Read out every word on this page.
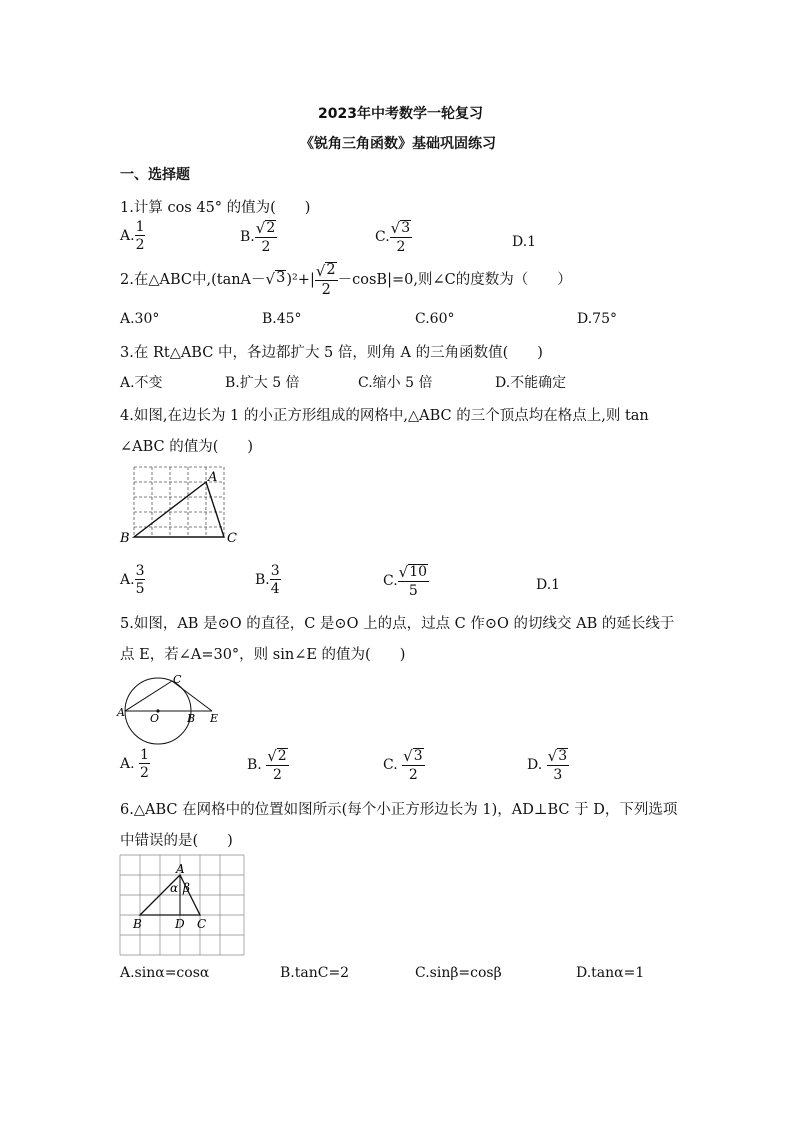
2023年中考数学一轮复习
《锐角三角函数》基础巩固练习
一、选择题
1.计算 cos 45° 的值为(　　)
A. $\frac{1}{2}$	B. $\frac{√ 2}{2}$	C. $\frac{√ 3}{2}$	D.1
2.在△ABC中,(tanA－ √ 3 )$^2+| \frac{√ 2}{2} -\cos B|=0$,则∠C的度数为（　　）
A.30°	B.45°	C.60°	D.75°
3.在 Rt△ABC 中，各边都扩大 5 倍，则角 A 的三角函数值(　　)
A.不变	B.扩大 5 倍	C.缩小 5 倍	D.不能确定
4.如图,在边长为 1 的小正方形组成的网格中,△ABC 的三个顶点均在格点上,则 tan
∠ABC 的值为(　　)
A
B	C
A. $\frac{3}{5}$	B. $\frac{3}{4}$	C. $\frac{√ 10}{5}$	D.1
5.如图，AB 是⊙O 的直径，C 是⊙O 上的点，过点 C 作⊙O 的切线交 AB 的延长线于
点 E，若∠A=30°，则 sin∠E 的值为(　　)
A
C
O	B E
A. $\frac{1}{2}$	B. $\frac{√ 2}{2}$	C. $\frac{√ 3}{2}$	D. $\frac{√ 3}{3}$
6.△ABC 在网格中的位置如图所示(每个小正方形边长为 1)，AD⊥BC 于 D，下列选项
中错误的是(　　)
A
B	D C
α β
A.sinα=cosα	B.tanC=2	C.sinβ=cosβ	D.tanα=1
